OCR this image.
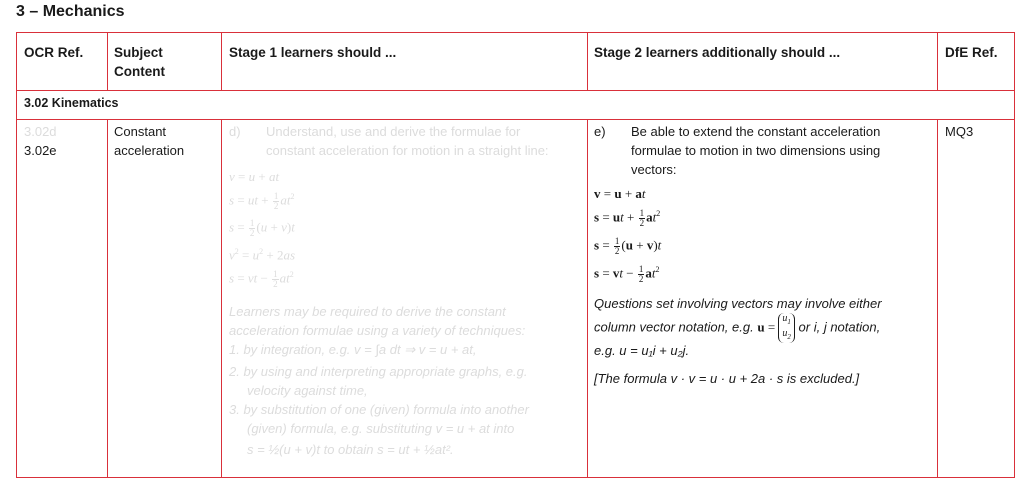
3 – Mechanics
OCR Ref. Subject
Content
Stage 1 learners should ...	Stage 2 learners additionally should ...	DfE Ref.
3.02 Kinematics
3.02d
3.02e
Constant
acceleration
d) Understand, use and derive the formulae for
constant acceleration for motion in a straight line:
v = u + at
s = ut + $\frac{1}{2} at^2$
$s = \frac{1}{2} (u + v)t$
$v^2 = u^2 + 2as$
s = vt − $\frac{1}{2} at^2$
Learners may be required to derive the constant
acceleration formulae using a variety of techniques:
1. by integration, e.g. v = ∫a dt ⇒ v = u + at,
2. by using and interpreting appropriate graphs, e.g.
velocity against time,
3. by substitution of one (given) formula into another
(given) formula, e.g. substituting v = u + at into
s = ½(u + v)t to obtain s = ut + ½at².
e) Be able to extend the constant acceleration
formulae to motion in two dimensions using
vectors:
v = u + at
s = ut + $\frac{1}{2} at^2$
$s = \frac{1}{2} (u + v)t$
s = vt − $\frac{1}{2} at^2$
Questions set involving vectors may involve either
column vector notation, e.g. $u = u_1$
$u_2$ or i, j notation,
e.g. u = u₁i + u₂j.
[The formula v · v = u · u + 2a · s is excluded.]
MQ3
